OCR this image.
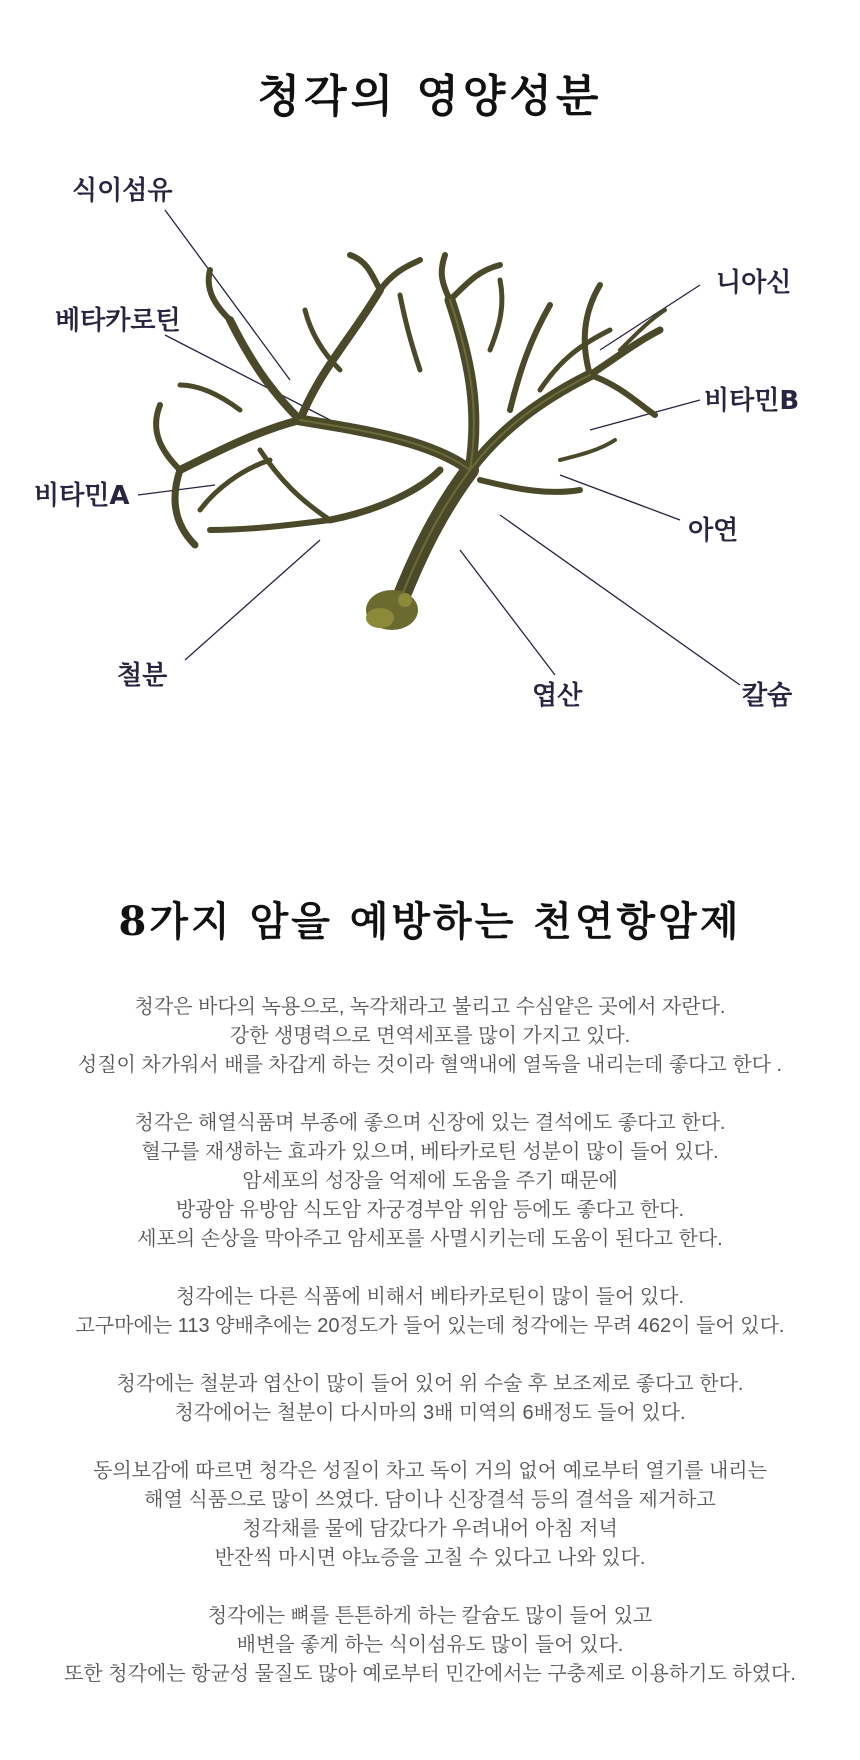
청각의 영양성분
식이섬유
베타카로틴
비타민A
철분
엽산	칼슘
니아신
비타민B
아연
8가지 암을 예방하는 천연항암제
청각은 바다의 녹용으로, 녹각채라고 불리고 수심얕은 곳에서 자란다.
강한 생명력으로 면역세포를 많이 가지고 있다.
성질이 차가워서 배를 차갑게 하는 것이라 혈액내에 열독을 내리는데 좋다고 한다 .
청각은 해열식품며 부종에 좋으며 신장에 있는 결석에도 좋다고 한다.
혈구를 재생하는 효과가 있으며, 베타카로틴 성분이 많이 들어 있다.
암세포의 성장을 억제에 도움을 주기 때문에
방광암 유방암 식도암 자궁경부암 위암 등에도 좋다고 한다.
세포의 손상을 막아주고 암세포를 사멸시키는데 도움이 된다고 한다.
청각에는 다른 식품에 비해서 베타카로틴이 많이 들어 있다.
고구마에는 113 양배추에는 20정도가 들어 있는데 청각에는 무려 462이 들어 있다.
청각에는 철분과 엽산이 많이 들어 있어 위 수술 후 보조제로 좋다고 한다.
청각에어는 철분이 다시마의 3배 미역의 6배정도 들어 있다.
동의보감에 따르면 청각은 성질이 차고 독이 거의 없어 예로부터 열기를 내리는
해열 식품으로 많이 쓰였다. 담이나 신장결석 등의 결석을 제거하고
청각채를 물에 담갔다가 우려내어 아침 저녁
반잔씩 마시면 야뇨증을 고칠 수 있다고 나와 있다.
청각에는 뼈를 튼튼하게 하는 칼슘도 많이 들어 있고
배변을 좋게 하는 식이섬유도 많이 들어 있다.
또한 청각에는 항균성 물질도 많아 예로부터 민간에서는 구충제로 이용하기도 하였다.
